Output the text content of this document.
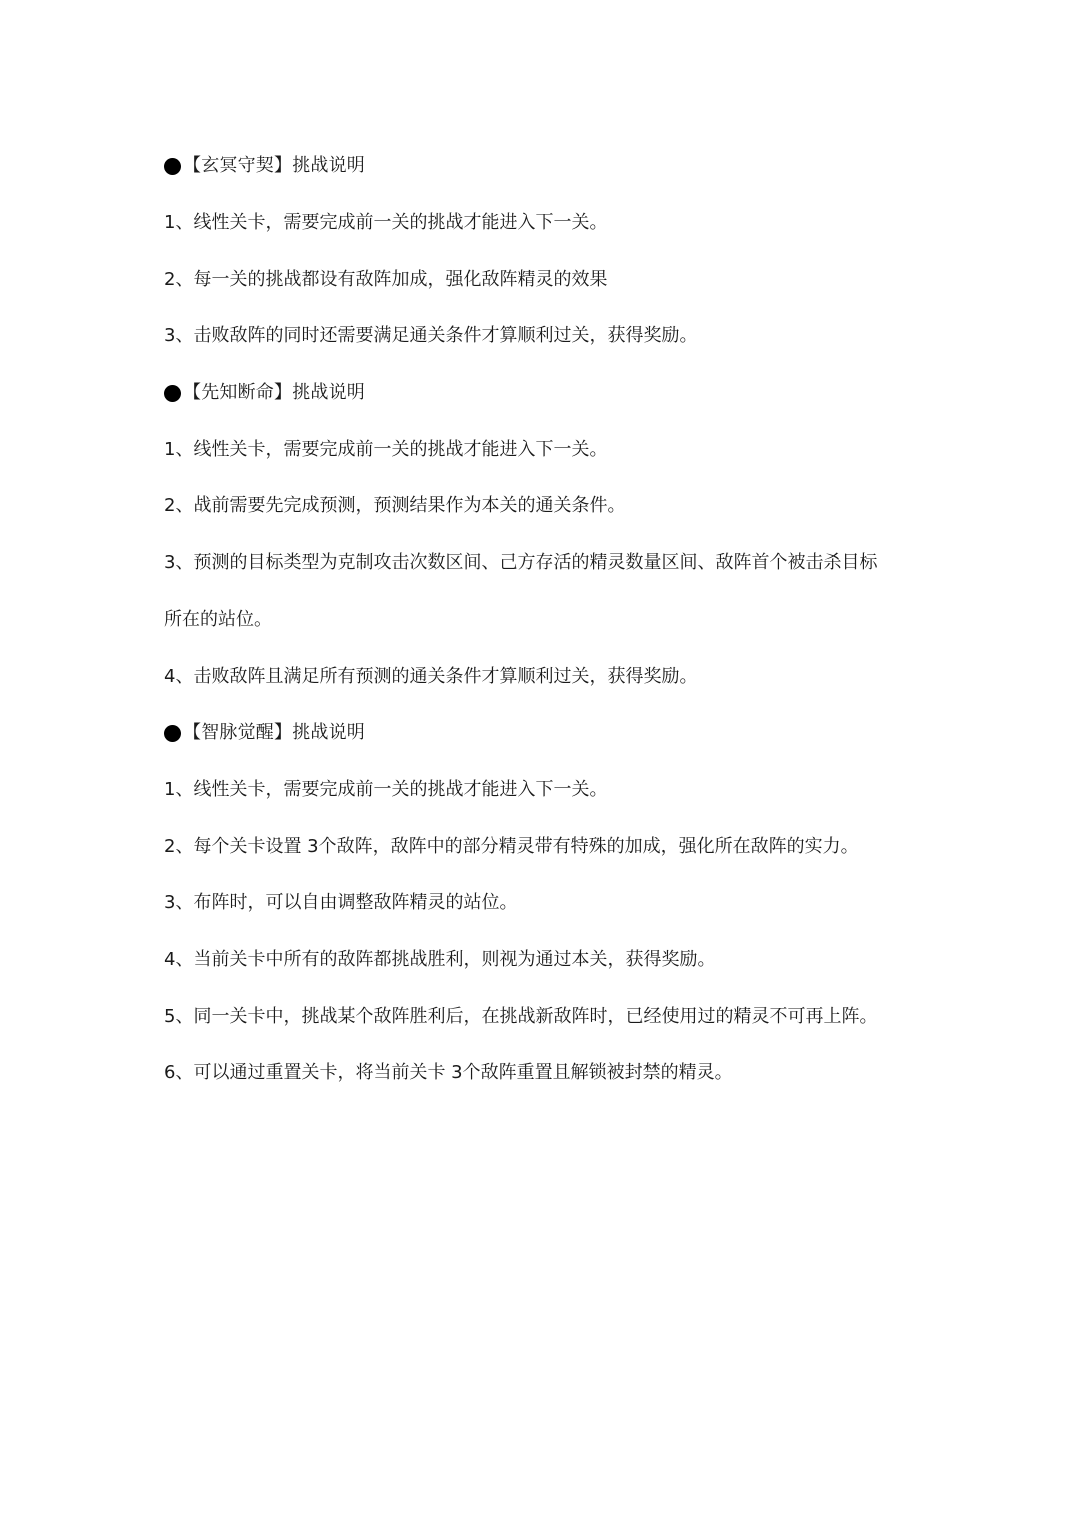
【玄冥守契】挑战说明
1、线性关卡，需要完成前一关的挑战才能进入下一关。
2、每一关的挑战都设有敌阵加成，强化敌阵精灵的效果
3、击败敌阵的同时还需要满足通关条件才算顺利过关，获得奖励。
【先知断命】挑战说明
1、线性关卡，需要完成前一关的挑战才能进入下一关。
2、战前需要先完成预测，预测结果作为本关的通关条件。
3、预测的目标类型为克制攻击次数区间、己方存活的精灵数量区间、敌阵首个被击杀目标
所在的站位。
4、击败敌阵且满足所有预测的通关条件才算顺利过关，获得奖励。
【智脉觉醒】挑战说明
1、线性关卡，需要完成前一关的挑战才能进入下一关。
2、每个关卡设置 3个敌阵，敌阵中的部分精灵带有特殊的加成，强化所在敌阵的实力。
3、布阵时，可以自由调整敌阵精灵的站位。
4、当前关卡中所有的敌阵都挑战胜利，则视为通过本关，获得奖励。
5、同一关卡中，挑战某个敌阵胜利后，在挑战新敌阵时，已经使用过的精灵不可再上阵。
6、可以通过重置关卡，将当前关卡 3个敌阵重置且解锁被封禁的精灵。
